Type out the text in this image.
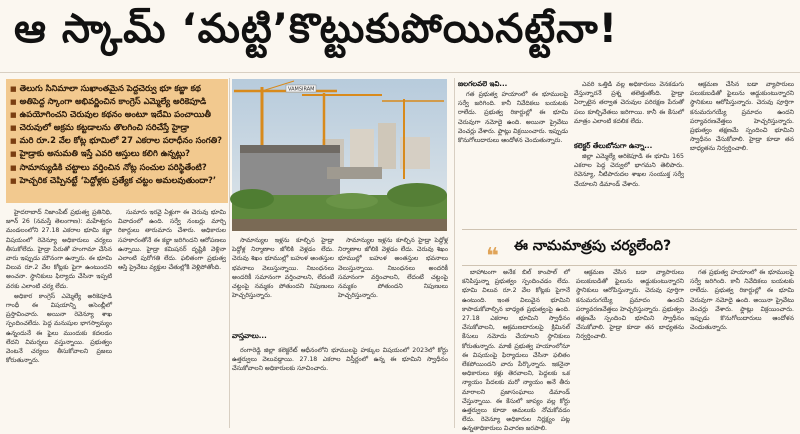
ఆ స్కామ్ ‘మట్టి’కొట్టుకుపోయినట్టేనా!
■ తెలుగు సినిమాలా సుఖాంతమైన పెద్దచెర్వు భూ కబ్జా కథ
■ అతిపెద్ద స్కాంగా అభివర్ణించిన కాంగ్రెస్ ఎమ్మెల్యే అరికెపూడి
■ ఉపయోగించని చెరువుల కథనం అంటూ ఇదేమి పంచాయితీ
■ చెరువులో అక్రమ కట్టడాలను తొలగించి సరిచేస్తే హైడ్రా
■ మరి రూ.2 వేల కోట్ల భూమిలో 27 ఎకరాల పరాధీనం సంగతి?
■ హైడ్రాకు అనుమతి ఇస్తే ఎవరి ఆస్తులు కలిగి ఉన్నట్లు?
■ సామాన్యుడికి చట్టాలు వర్తించిన నోట్ల సంచుల పరిస్థితేంటి?
■ హెచ్చరిక చెప్పినట్టే ‘పెద్దోళ్లకు ప్రత్యేక చట్టం అమలవుతుందా?’
VAMSIRAM

హైదరాబాద్ నిజాంపేట్ ప్రభుత్వ ప్రతినిధి, జూన్ 26 (నమస్తే తెలంగాణ): మహేశ్వరం మండలంలోని 27.18 ఎకరాల భూమి కబ్జా విషయంలో రెవెన్యూ అధికారులు చర్యలు తీసుకోలేదు. హైడ్రా పేరుతో హంగామా చేసిన వారు ఇప్పుడు మౌనంగా ఉన్నారు. ఈ భూమి విలువ రూ.2 వేల కోట్లకు పైగా ఉంటుందని అంచనా. స్థానికులు ఫిర్యాదు చేసినా ఇప్పటి వరకు ఎలాంటి చర్య లేదు.

అధికార కాంగ్రెస్ ఎమ్మెల్యే అరికెపూడి గాంధీ ఈ విషయాన్ని అసెంబ్లీలో ప్రస్తావించారు. అయినా రెవెన్యూ శాఖ స్పందించలేదు. పెద్ద మనుషుల భాగస్వామ్యం ఉన్నందునే ఈ ఫైలు ముందుకు కదలడం లేదని విమర్శలు వస్తున్నాయి. ప్రభుత్వం వెంటనే చర్యలు తీసుకోవాలని ప్రజలు కోరుతున్నారు.

సుమారు ఇరవై ఏళ్లుగా ఈ చెరువు భూమి వివాదంలో ఉంది. సర్వే నంబర్లు మార్చి రికార్డులు తారుమారు చేశారు. అధికారుల సహకారంతోనే ఈ కబ్జా జరిగిందని ఆరోపణలు ఉన్నాయి. హైడ్రా కమిషనర్ దృష్టికి వెళ్లినా ఎలాంటి పురోగతి లేదు. ఫలితంగా ప్రభుత్వ ఆస్తి ప్రైవేటు వ్యక్తుల చేతుల్లోకి వెళ్లిపోతోంది.

సామాన్యుల ఇళ్లను కూల్చిన హైడ్రా పెద్దోళ్ల నిర్మాణాల జోలికి వెళ్లడం లేదు. చెరువు శిఖం భూముల్లో బహుళ అంతస్తుల భవనాలు వెలుస్తున్నాయి. నిబంధనలు అందరికీ సమానంగా వర్తించాలని, లేదంటే చట్టంపై నమ్మకం పోతుందని నిపుణులు హెచ్చరిస్తున్నారు.

సామాన్యుల ఇళ్లను కూల్చిన హైడ్రా పెద్దోళ్ల నిర్మాణాల జోలికి వెళ్లడం లేదు. చెరువు శిఖం భూముల్లో బహుళ అంతస్తుల భవనాలు వెలుస్తున్నాయి. నిబంధనలు అందరికీ సమానంగా వర్తించాలని, లేదంటే చట్టంపై నమ్మకం పోతుందని నిపుణులు హెచ్చరిస్తున్నారు.

వాస్తవాలు...

రంగారెడ్డి జిల్లా కలెక్టరేట్ ఆధీనంలోని భూములపై హక్కుల విషయంలో 2023లో కోర్టు ఉత్తర్వులు వెలువడ్డాయి. 27.18 ఎకరాల విస్తీర్ణంలో ఉన్న ఈ భూమిని స్వాధీనం చేసుకోవాలని అధికారులకు సూచించారు.

జలగలవలె ఇవి...

గత ప్రభుత్వ హయాంలో ఈ భూములపై సర్వే జరిగింది. కానీ నివేదికలు బయటకు రాలేదు. ప్రభుత్వ రికార్డుల్లో ఈ భూమి చెరువుగా నమోదై ఉంది. అయినా ప్రైవేటు వెంచర్లు వేశారు. ఫ్లాట్లు విక్రయించారు. ఇప్పుడు కొనుగోలుదారులు ఆందోళన చెందుతున్నారు.

ఎవరి ఒత్తిడి వల్ల అధికారులు వెనకడుగు వేస్తున్నారనే ప్రశ్న తలెత్తుతోంది. హైడ్రా ఏర్పాటైన తర్వాత చెరువుల పరిరక్షణ పేరుతో పలు కూల్చివేతలు జరిగాయి. కానీ ఈ కేసులో మాత్రం ఎలాంటి కదలిక లేదు.

కలెక్టర్ తేలుబోనుగా ఉన్నా...

జిల్లా ఎమ్మెల్యే అరికెపూడి ఈ భూమి 165 ఎకరాల పెద్ద చెర్వులో భాగమని తెలిపారు. రెవెన్యూ, నీటిపారుదల శాఖల సంయుక్త సర్వే చేయాలని డిమాండ్ చేశారు.

ఆక్రమణ చేసిన బడా వ్యాపారులు పలుకుబడితో ఫైలును అడ్డుకుంటున్నారని స్థానికులు ఆరోపిస్తున్నారు. చెరువు పూర్తిగా కనుమరుగయ్యే ప్రమాదం ఉందని పర్యావరణవేత్తలు హెచ్చరిస్తున్నారు. ప్రభుత్వం తక్షణమే స్పందించి భూమిని స్వాధీనం చేసుకోవాలి. హైడ్రా కూడా తన బాధ్యతను నిర్వర్తించాలి.

ఈ నామమాత్రపు చర్యలేంది?
❝

బాహాటంగా అనేక బిల్ కాంపాల్ లో కనిపిస్తున్నా ప్రభుత్వం స్పందించడం లేదు. భూమి విలువ రూ.2 వేల కోట్లకు పైగానే ఉంటుంది. ఇంత విలువైన భూమిని కాపాడుకోవాల్సిన బాధ్యత ప్రభుత్వంపై ఉంది. 27.18 ఎకరాల భూమిని స్వాధీనం చేసుకోవాలని, ఆక్రమణదారులపై క్రిమినల్ కేసులు నమోదు చేయాలని స్థానికులు కోరుతున్నారు. మాజీ ప్రభుత్వ హయాంలోనూ ఈ విషయంపై ఫిర్యాదులు చేసినా ఫలితం లేకపోయిందని వారు పేర్కొన్నారు. ఇకనైనా అధికారులు కళ్లు తెరవాలని, పెద్దలకు ఒక న్యాయం పేదలకు మరో న్యాయం అనే తీరు మారాలని ప్రజాసంఘాలు డిమాండ్ చేస్తున్నాయి. ఈ కేసులో జాప్యం వల్ల కోర్టు ఉత్తర్వులు కూడా అమలుకు నోచుకోవడం లేదు. రెవెన్యూ అధికారుల నిర్లక్ష్యం పట్ల ఉన్నతాధికారులు విచారణ జరపాలి.

ఆక్రమణ చేసిన బడా వ్యాపారులు పలుకుబడితో ఫైలును అడ్డుకుంటున్నారని స్థానికులు ఆరోపిస్తున్నారు. చెరువు పూర్తిగా కనుమరుగయ్యే ప్రమాదం ఉందని పర్యావరణవేత్తలు హెచ్చరిస్తున్నారు. ప్రభుత్వం తక్షణమే స్పందించి భూమిని స్వాధీనం చేసుకోవాలి. హైడ్రా కూడా తన బాధ్యతను నిర్వర్తించాలి.

గత ప్రభుత్వ హయాంలో ఈ భూములపై సర్వే జరిగింది. కానీ నివేదికలు బయటకు రాలేదు. ప్రభుత్వ రికార్డుల్లో ఈ భూమి చెరువుగా నమోదై ఉంది. అయినా ప్రైవేటు వెంచర్లు వేశారు. ఫ్లాట్లు విక్రయించారు. ఇప్పుడు కొనుగోలుదారులు ఆందోళన చెందుతున్నారు.
